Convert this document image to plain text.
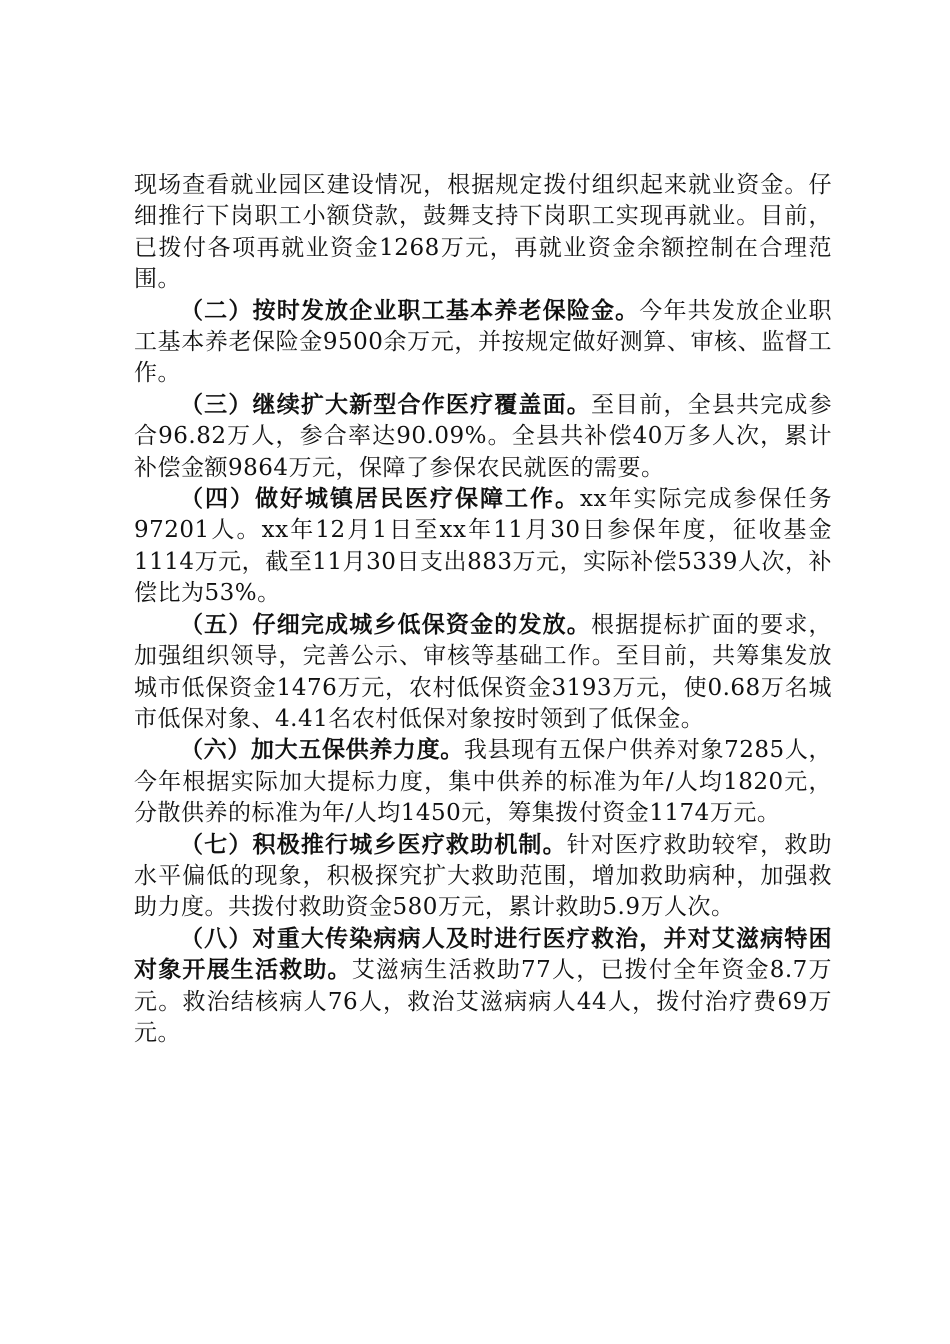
现场查看就业园区建设情况，根据规定拨付组织起来就业资金。仔细推行下岗职工小额贷款，鼓舞支持下岗职工实现再就业。目前，已拨付各项再就业资金1268万元，再就业资金余额控制在合理范围。

（二）按时发放企业职工基本养老保险金。今年共发放企业职工基本养老保险金9500余万元，并按规定做好测算、审核、监督工作。

（三）继续扩大新型合作医疗覆盖面。至目前，全县共完成参合96.82万人，参合率达90.09%。全县共补偿40万多人次，累计补偿金额9864万元，保障了参保农民就医的需要。

（四）做好城镇居民医疗保障工作。xx年实际完成参保任务97201人。xx年12月1日至xx年11月30日参保年度，征收基金1114万元，截至11月30日支出883万元，实际补偿5339人次，补偿比为53%。

（五）仔细完成城乡低保资金的发放。根据提标扩面的要求，加强组织领导，完善公示、审核等基础工作。至目前，共筹集发放城市低保资金1476万元，农村低保资金3193万元，使0.68万名城市低保对象、4.41名农村低保对象按时领到了低保金。

（六）加大五保供养力度。我县现有五保户供养对象7285人，今年根据实际加大提标力度，集中供养的标准为年/人均1820元，分散供养的标准为年/人均1450元，筹集拨付资金1174万元。

（七）积极推行城乡医疗救助机制。针对医疗救助较窄，救助水平偏低的现象，积极探究扩大救助范围，增加救助病种，加强救助力度。共拨付救助资金580万元，累计救助5.9万人次。

（八）对重大传染病病人及时进行医疗救治，并对艾滋病特困对象开展生活救助。艾滋病生活救助77人，已拨付全年资金8.7万元。救治结核病人76人，救治艾滋病病人44人，拨付治疗费69万元。
